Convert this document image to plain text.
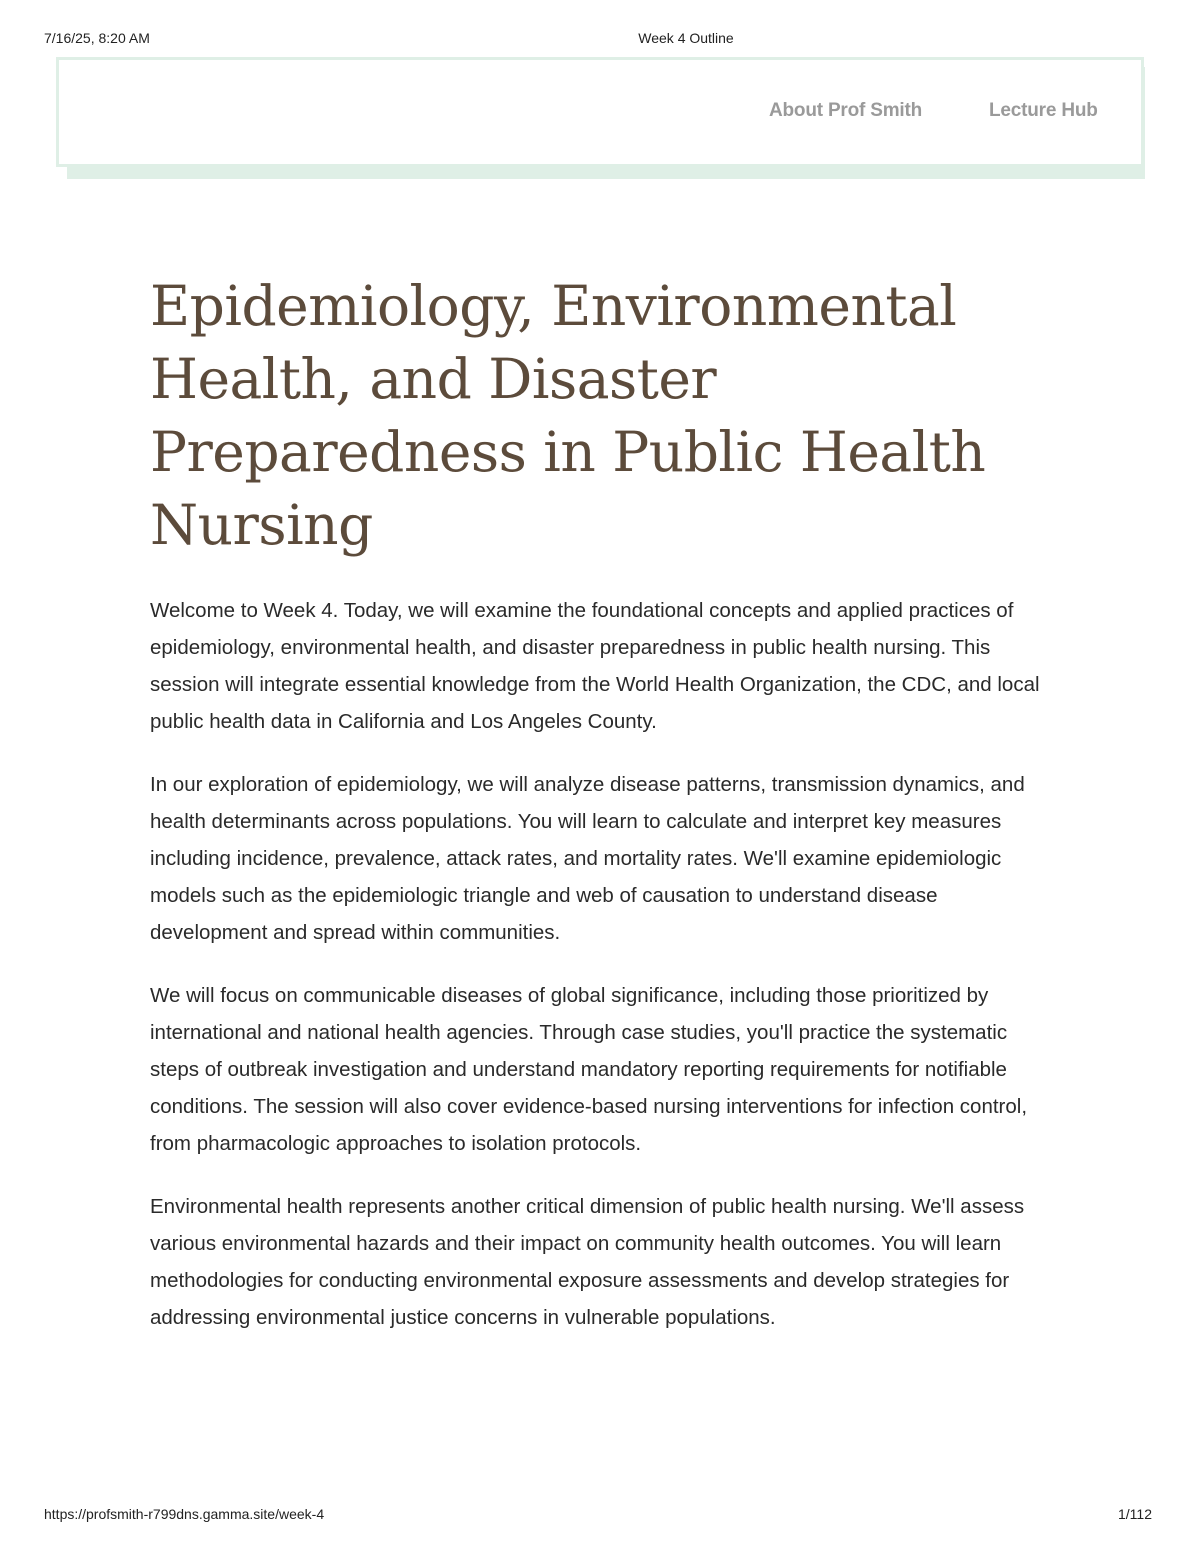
7/16/25, 8:20 AM	Week 4 Outline
About Prof Smith	Lecture Hub
Epidemiology, Environmental Health, and Disaster Preparedness in Public Health Nursing

Welcome to Week 4. Today, we will examine the foundational concepts and applied practices of epidemiology, environmental health, and disaster preparedness in public health nursing. This session will integrate essential knowledge from the World Health Organization, the CDC, and local public health data in California and Los Angeles County.

In our exploration of epidemiology, we will analyze disease patterns, transmission dynamics, and health determinants across populations. You will learn to calculate and interpret key measures including incidence, prevalence, attack rates, and mortality rates. We'll examine epidemiologic models such as the epidemiologic triangle and web of causation to understand disease development and spread within communities.

We will focus on communicable diseases of global significance, including those prioritized by international and national health agencies. Through case studies, you'll practice the systematic steps of outbreak investigation and understand mandatory reporting requirements for notifiable conditions. The session will also cover evidence-based nursing interventions for infection control, from pharmacologic approaches to isolation protocols.

Environmental health represents another critical dimension of public health nursing. We'll assess various environmental hazards and their impact on community health outcomes. You will learn methodologies for conducting environmental exposure assessments and develop strategies for addressing environmental justice concerns in vulnerable populations.

https://profsmith-r799dns.gamma.site/week-4	1/112
